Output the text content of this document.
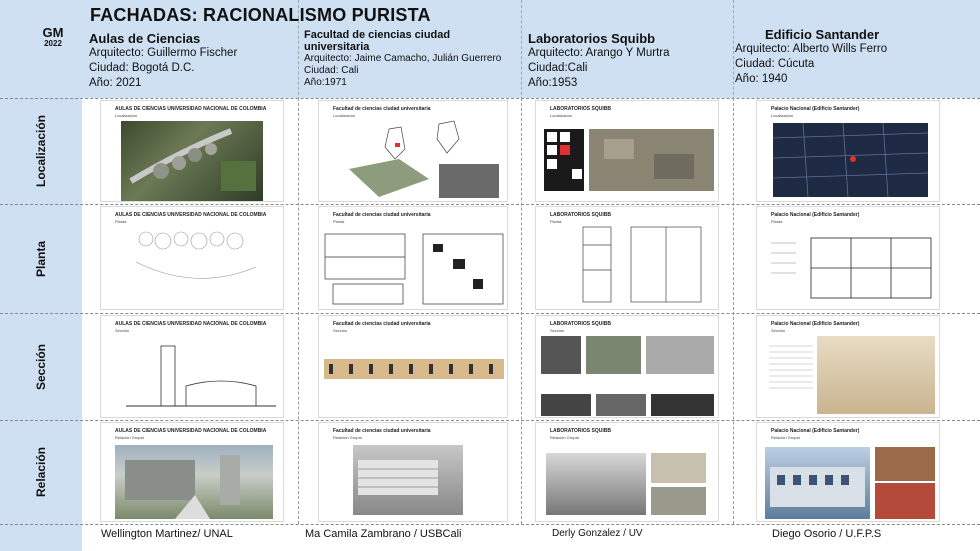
FACHADAS: RACIONALISMO PURISTA
GM
2022	Aulas de Ciencias
Arquitecto: Guillermo Fischer
Ciudad: Bogotá D.C.
Año: 2021
Facultad de ciencias ciudad universitaria
Arquitecto: Jaime Camacho, Julián Guerrero
Ciudad: Cali
Año:1971
Laboratorios Squibb
Arquitecto: Arango Y Murtra
Ciudad:Cali
Año:1953
Edificio Santander
Arquitecto: Alberto Wills Ferro
Ciudad: Cúcuta
Año: 1940
Localización
Planta
Sección
Relación
AULAS DE CIENCIAS UNIVERSIDAD NACIONAL DE COLOMBIA
Localización
Facultad de ciencias ciudad universitaria
Localización
LABORATORIOS SQUIBB
Localización
Palacio Nacional (Edificio Santander)
Localización
AULAS DE CIENCIAS UNIVERSIDAD NACIONAL DE COLOMBIA
Planta
Facultad de ciencias ciudad universitaria
Planta
LABORATORIOS SQUIBB
Planta
Palacio Nacional (Edificio Santander)
Planta
AULAS DE CIENCIAS UNIVERSIDAD NACIONAL DE COLOMBIA
Sección
Facultad de ciencias ciudad universitaria
Sección
LABORATORIOS SQUIBB
Sección
Palacio Nacional (Edificio Santander)
Sección
AULAS DE CIENCIAS UNIVERSIDAD NACIONAL DE COLOMBIA
Relación Grupal
Facultad de ciencias ciudad universitaria
Relación Grupal
LABORATORIOS SQUIBB
Relación Grupal
Palacio Nacional (Edificio Santander)
Relación Grupal
Wellington Martinez/ UNAL	Ma Camila Zambrano / USBCali	Derly Gonzalez / UV	Diego Osorio / U.F.P.S
